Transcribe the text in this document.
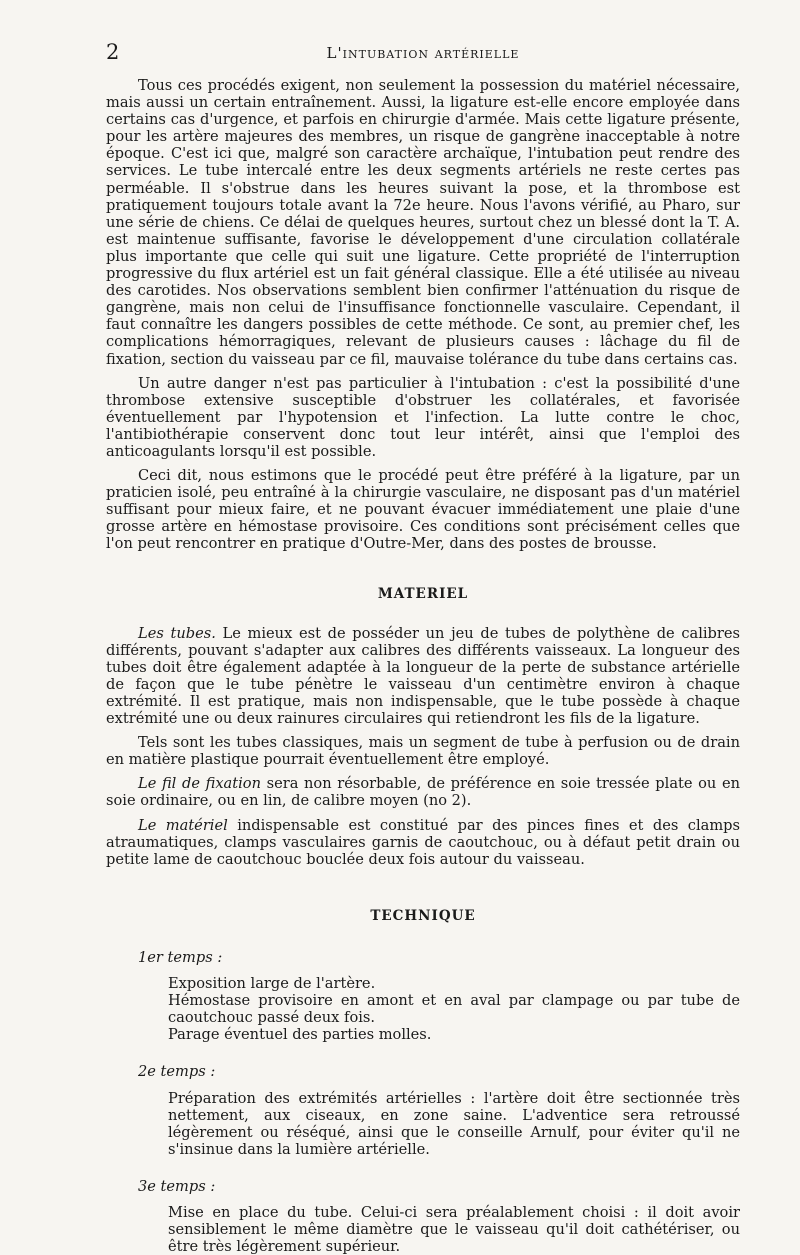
2	L'intubation artérielle

Tous ces procédés exigent, non seulement la possession du matériel nécessaire, mais aussi un certain entraînement. Aussi, la ligature est-elle encore employée dans certains cas d'urgence, et parfois en chirurgie d'armée. Mais cette ligature présente, pour les artère majeures des membres, un risque de gangrène inacceptable à notre époque. C'est ici que, malgré son caractère archaïque, l'intubation peut rendre des services. Le tube intercalé entre les deux segments artériels ne reste certes pas perméable. Il s'obstrue dans les heures suivant la pose, et la thrombose est pratiquement toujours totale avant la 72e heure. Nous l'avons vérifié, au Pharo, sur une série de chiens. Ce délai de quelques heures, surtout chez un blessé dont la T. A. est maintenue suffisante, favorise le développement d'une circulation collatérale plus importante que celle qui suit une ligature. Cette propriété de l'interruption progressive du flux artériel est un fait général classique. Elle a été utilisée au niveau des carotides. Nos observations semblent bien confirmer l'atténuation du risque de gangrène, mais non celui de l'insuffisance fonctionnelle vasculaire. Cependant, il faut connaître les dangers possibles de cette méthode. Ce sont, au premier chef, les complications hémorragiques, relevant de plusieurs causes : lâchage du fil de fixation, section du vaisseau par ce fil, mauvaise tolérance du tube dans certains cas.

Un autre danger n'est pas particulier à l'intubation : c'est la possibilité d'une thrombose extensive susceptible d'obstruer les collatérales, et favorisée éventuellement par l'hypotension et l'infection. La lutte contre le choc, l'antibiothérapie conservent donc tout leur intérêt, ainsi que l'emploi des anticoagulants lorsqu'il est possible.

Ceci dit, nous estimons que le procédé peut être préféré à la ligature, par un praticien isolé, peu entraîné à la chirurgie vasculaire, ne disposant pas d'un matériel suffisant pour mieux faire, et ne pouvant évacuer immédiatement une plaie d'une grosse artère en hémostase provisoire. Ces conditions sont précisément celles que l'on peut rencontrer en pratique d'Outre-Mer, dans des postes de brousse.

MATERIEL

Les tubes. Le mieux est de posséder un jeu de tubes de polythène de calibres différents, pouvant s'adapter aux calibres des différents vaisseaux. La longueur des tubes doit être également adaptée à la longueur de la perte de substance artérielle de façon que le tube pénètre le vaisseau d'un centimètre environ à chaque extrémité. Il est pratique, mais non indispensable, que le tube possède à chaque extrémité une ou deux rainures circulaires qui retiendront les fils de la ligature.

Tels sont les tubes classiques, mais un segment de tube à perfusion ou de drain en matière plastique pourrait éventuellement être employé.

Le fil de fixation sera non résorbable, de préférence en soie tressée plate ou en soie ordinaire, ou en lin, de calibre moyen (no 2).

Le matériel indispensable est constitué par des pinces fines et des clamps atraumatiques, clamps vasculaires garnis de caoutchouc, ou à défaut petit drain ou petite lame de caoutchouc bouclée deux fois autour du vaisseau.

TECHNIQUE
1er temps :
Exposition large de l'artère.
Hémostase provisoire en amont et en aval par clampage ou par tube de caoutchouc passé deux fois.
Parage éventuel des parties molles.
2e temps :
Préparation des extrémités artérielles : l'artère doit être sectionnée très nettement, aux ciseaux, en zone saine. L'adventice sera retroussé légèrement ou réséqué, ainsi que le conseille Arnulf, pour éviter qu'il ne s'insinue dans la lumière artérielle.
3e temps :
Mise en place du tube. Celui-ci sera préalablement choisi : il doit avoir sensiblement le même diamètre que le vaisseau qu'il doit cathétériser, ou être très légèrement supérieur.
